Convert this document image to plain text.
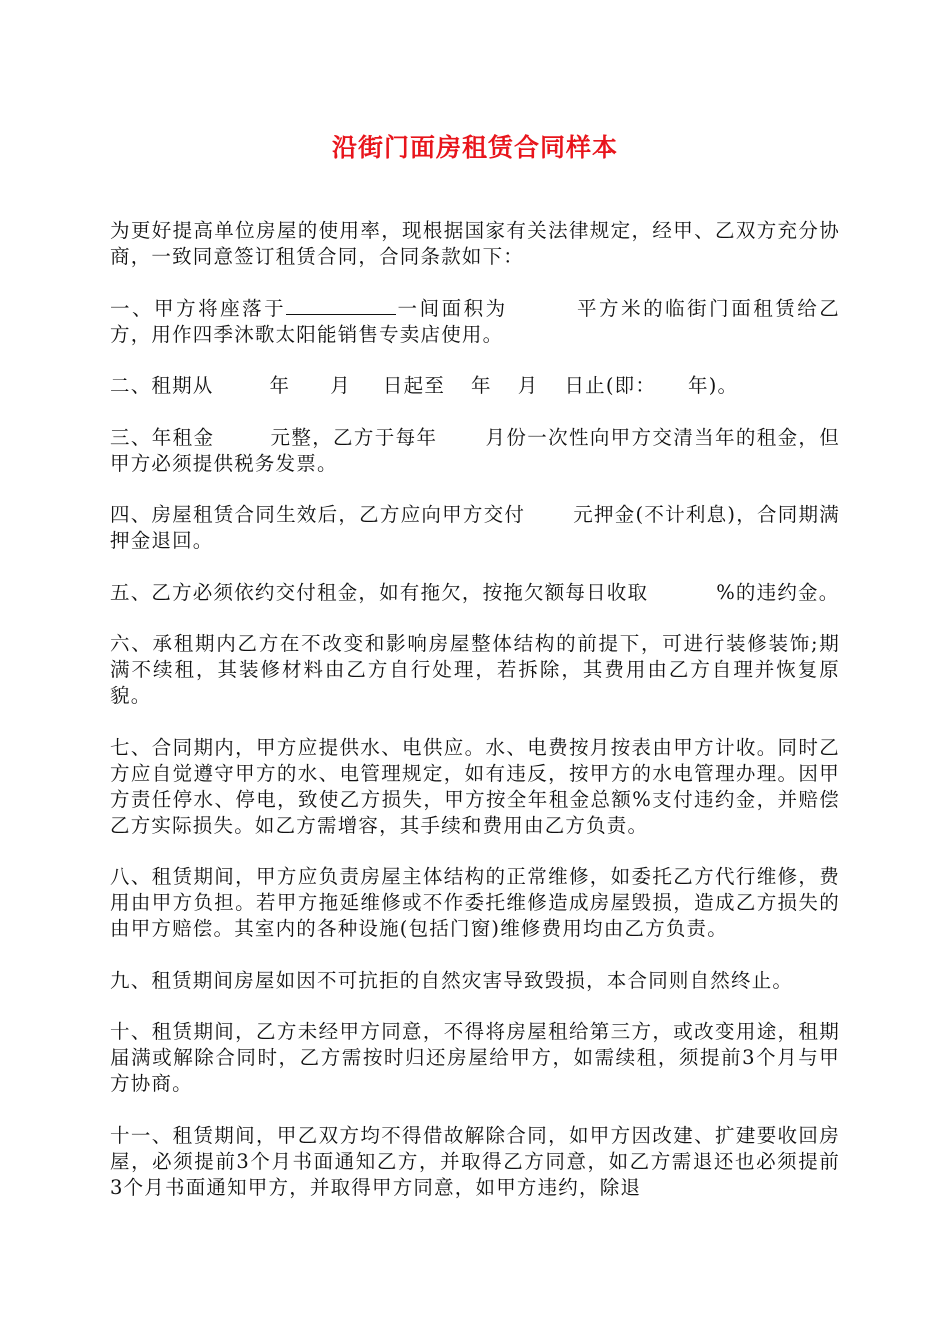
沿街门面房租赁合同样本

为更好提高单位房屋的使用率，现根据国家有关法律规定，经甲、乙双方充分协商，一致同意签订租赁合同，合同条款如下：

一、甲方将座落于	一间面积为	平方米的临街门面租赁给乙方，用作四季沐歌太阳能销售专卖店使用。

二、租期从	年 月 日起至 年 月 日止(即： 年)。

三、年租金	元整，乙方于每年 月份一次性向甲方交清当年的租金，但甲方必须提供税务发票。

四、房屋租赁合同生效后，乙方应向甲方交付 元押金(不计利息)，合同期满押金退回。

五、乙方必须依约交付租金，如有拖欠，按拖欠额每日收取	%的违约金。

六、承租期内乙方在不改变和影响房屋整体结构的前提下，可进行装修装饰;期满不续租，其装修材料由乙方自行处理，若拆除，其费用由乙方自理并恢复原貌。

七、合同期内，甲方应提供水、电供应。水、电费按月按表由甲方计收。同时乙方应自觉遵守甲方的水、电管理规定，如有违反，按甲方的水电管理办理。因甲方责任停水、停电，致使乙方损失，甲方按全年租金总额%支付违约金，并赔偿乙方实际损失。如乙方需增容，其手续和费用由乙方负责。

八、租赁期间，甲方应负责房屋主体结构的正常维修，如委托乙方代行维修，费用由甲方负担。若甲方拖延维修或不作委托维修造成房屋毁损，造成乙方损失的由甲方赔偿。其室内的各种设施(包括门窗)维修费用均由乙方负责。

九、租赁期间房屋如因不可抗拒的自然灾害导致毁损，本合同则自然终止。

十、租赁期间，乙方未经甲方同意，不得将房屋租给第三方，或改变用途，租期届满或解除合同时，乙方需按时归还房屋给甲方，如需续租，须提前3个月与甲方协商。

十一、租赁期间，甲乙双方均不得借故解除合同，如甲方因改建、扩建要收回房屋，必须提前3个月书面通知乙方，并取得乙方同意，如乙方需退还也必须提前3个月书面通知甲方，并取得甲方同意，如甲方违约，除退
